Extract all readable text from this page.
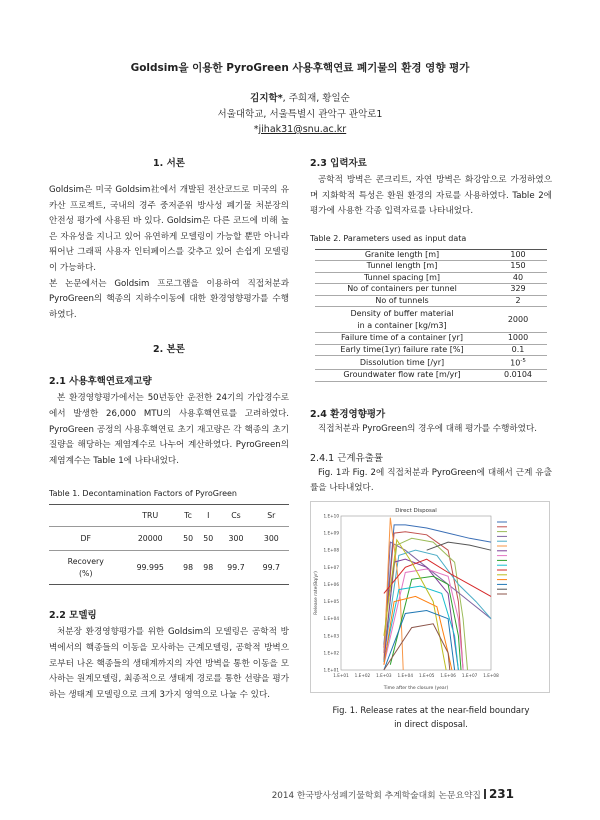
Goldsim을 이용한 PyroGreen 사용후핵연료 폐기물의 환경 영향 평가
김지학*, 주희재, 황일순
서울대학교, 서울특별시 관악구 관악로1
*jihak31@snu.ac.kr
1. 서론

Goldsim은 미국 Goldsim社에서 개발된 전산코드로 미국의 유카산 프로젝트, 국내의 경주 중저준위 방사성 폐기물 처분장의 안전성 평가에 사용된 바 있다. Goldsim은 다른 코드에 비해 높은 자유성을 지니고 있어 유연하게 모델링이 가능할 뿐만 아니라 뛰어난 그래픽 사용자 인터페이스를 갖추고 있어 손쉽게 모델링이 가능하다.

본 논문에서는 Goldsim 프로그램을 이용하여 직접처분과 PyroGreen의 핵종의 지하수이동에 대한 환경영향평가를 수행하였다.

2. 본론
2.1 사용후핵연료재고량

본 환경영향평가에서는 50년동안 운전한 24기의 가압경수로에서 발생한 26,000 MTU의 사용후핵연료를 고려하였다. PyroGreen 공정의 사용후핵연료 초기 재고량은 각 핵종의 초기 질량을 해당하는 제염계수로 나누어 계산하였다. PyroGreen의 제염계수는 Table 1에 나타내었다.

Table 1. Decontamination Factors of PyroGreen
	TRU	Tc	I	Cs	Sr
DF	20000	50	50	300	300
Recovery
(%)	99.995	98	98	99.7	99.7
2.2 모델링

처분장 환경영향평가를 위한 Goldsim의 모델링은 공학적 방벽에서의 핵종들의 이동을 모사하는 근계모델링, 공학적 방벽으로부터 나온 핵종들의 생태계까지의 자연 방벽을 통한 이동을 모사하는 원계모델링, 최종적으로 생태계 경로를 통한 선량을 평가하는 생태계 모델링으로 크게 3가지 영역으로 나눌 수 있다.

2.3 입력자료

공학적 방벽은 콘크리트, 자연 방벽은 화강암으로 가정하였으며 지화학적 특성은 환원 환경의 자료를 사용하였다. Table 2에 평가에 사용한 각종 입력자료를 나타내었다.

Table 2. Parameters used as input data
Granite length [m]	100
Tunnel length [m]	150
Tunnel spacing [m]	40
No of containers per tunnel	329
No of tunnels	2
Density of buffer material
in a container [kg/m3]	2000
Failure time of a container [yr]	1000
Early time(1yr) failure rate [%]	0.1
Dissolution time [/yr]	$10^{-5}$
Groundwater flow rate [m/yr]	0.0104
2.4 환경영향평가

직접처분과 PyroGreen의 경우에 대해 평가를 수행하였다.

2.4.1 근계유출률

Fig. 1과 Fig. 2에 직접처분과 PyroGreen에 대해서 근계 유출률을 나타내었다.

Direct Disposal
1.E+10
1.E+09
1.E+08
1.E+07
1.E+06
1.E+05
1.E+04
1.E+03
1.E+02
1.E+01
1.E+01 1.E+02 1.E+03 1.E+04 1.E+05 1.E+06 1.E+07 1.E+08
Release rate(Bq/yr)
Time after the closure (year)
Fig. 1. Release rates at the near-field boundary
in direct disposal.
2014 한국방사성폐기물학회 추계학술대회 논문요약집 231
